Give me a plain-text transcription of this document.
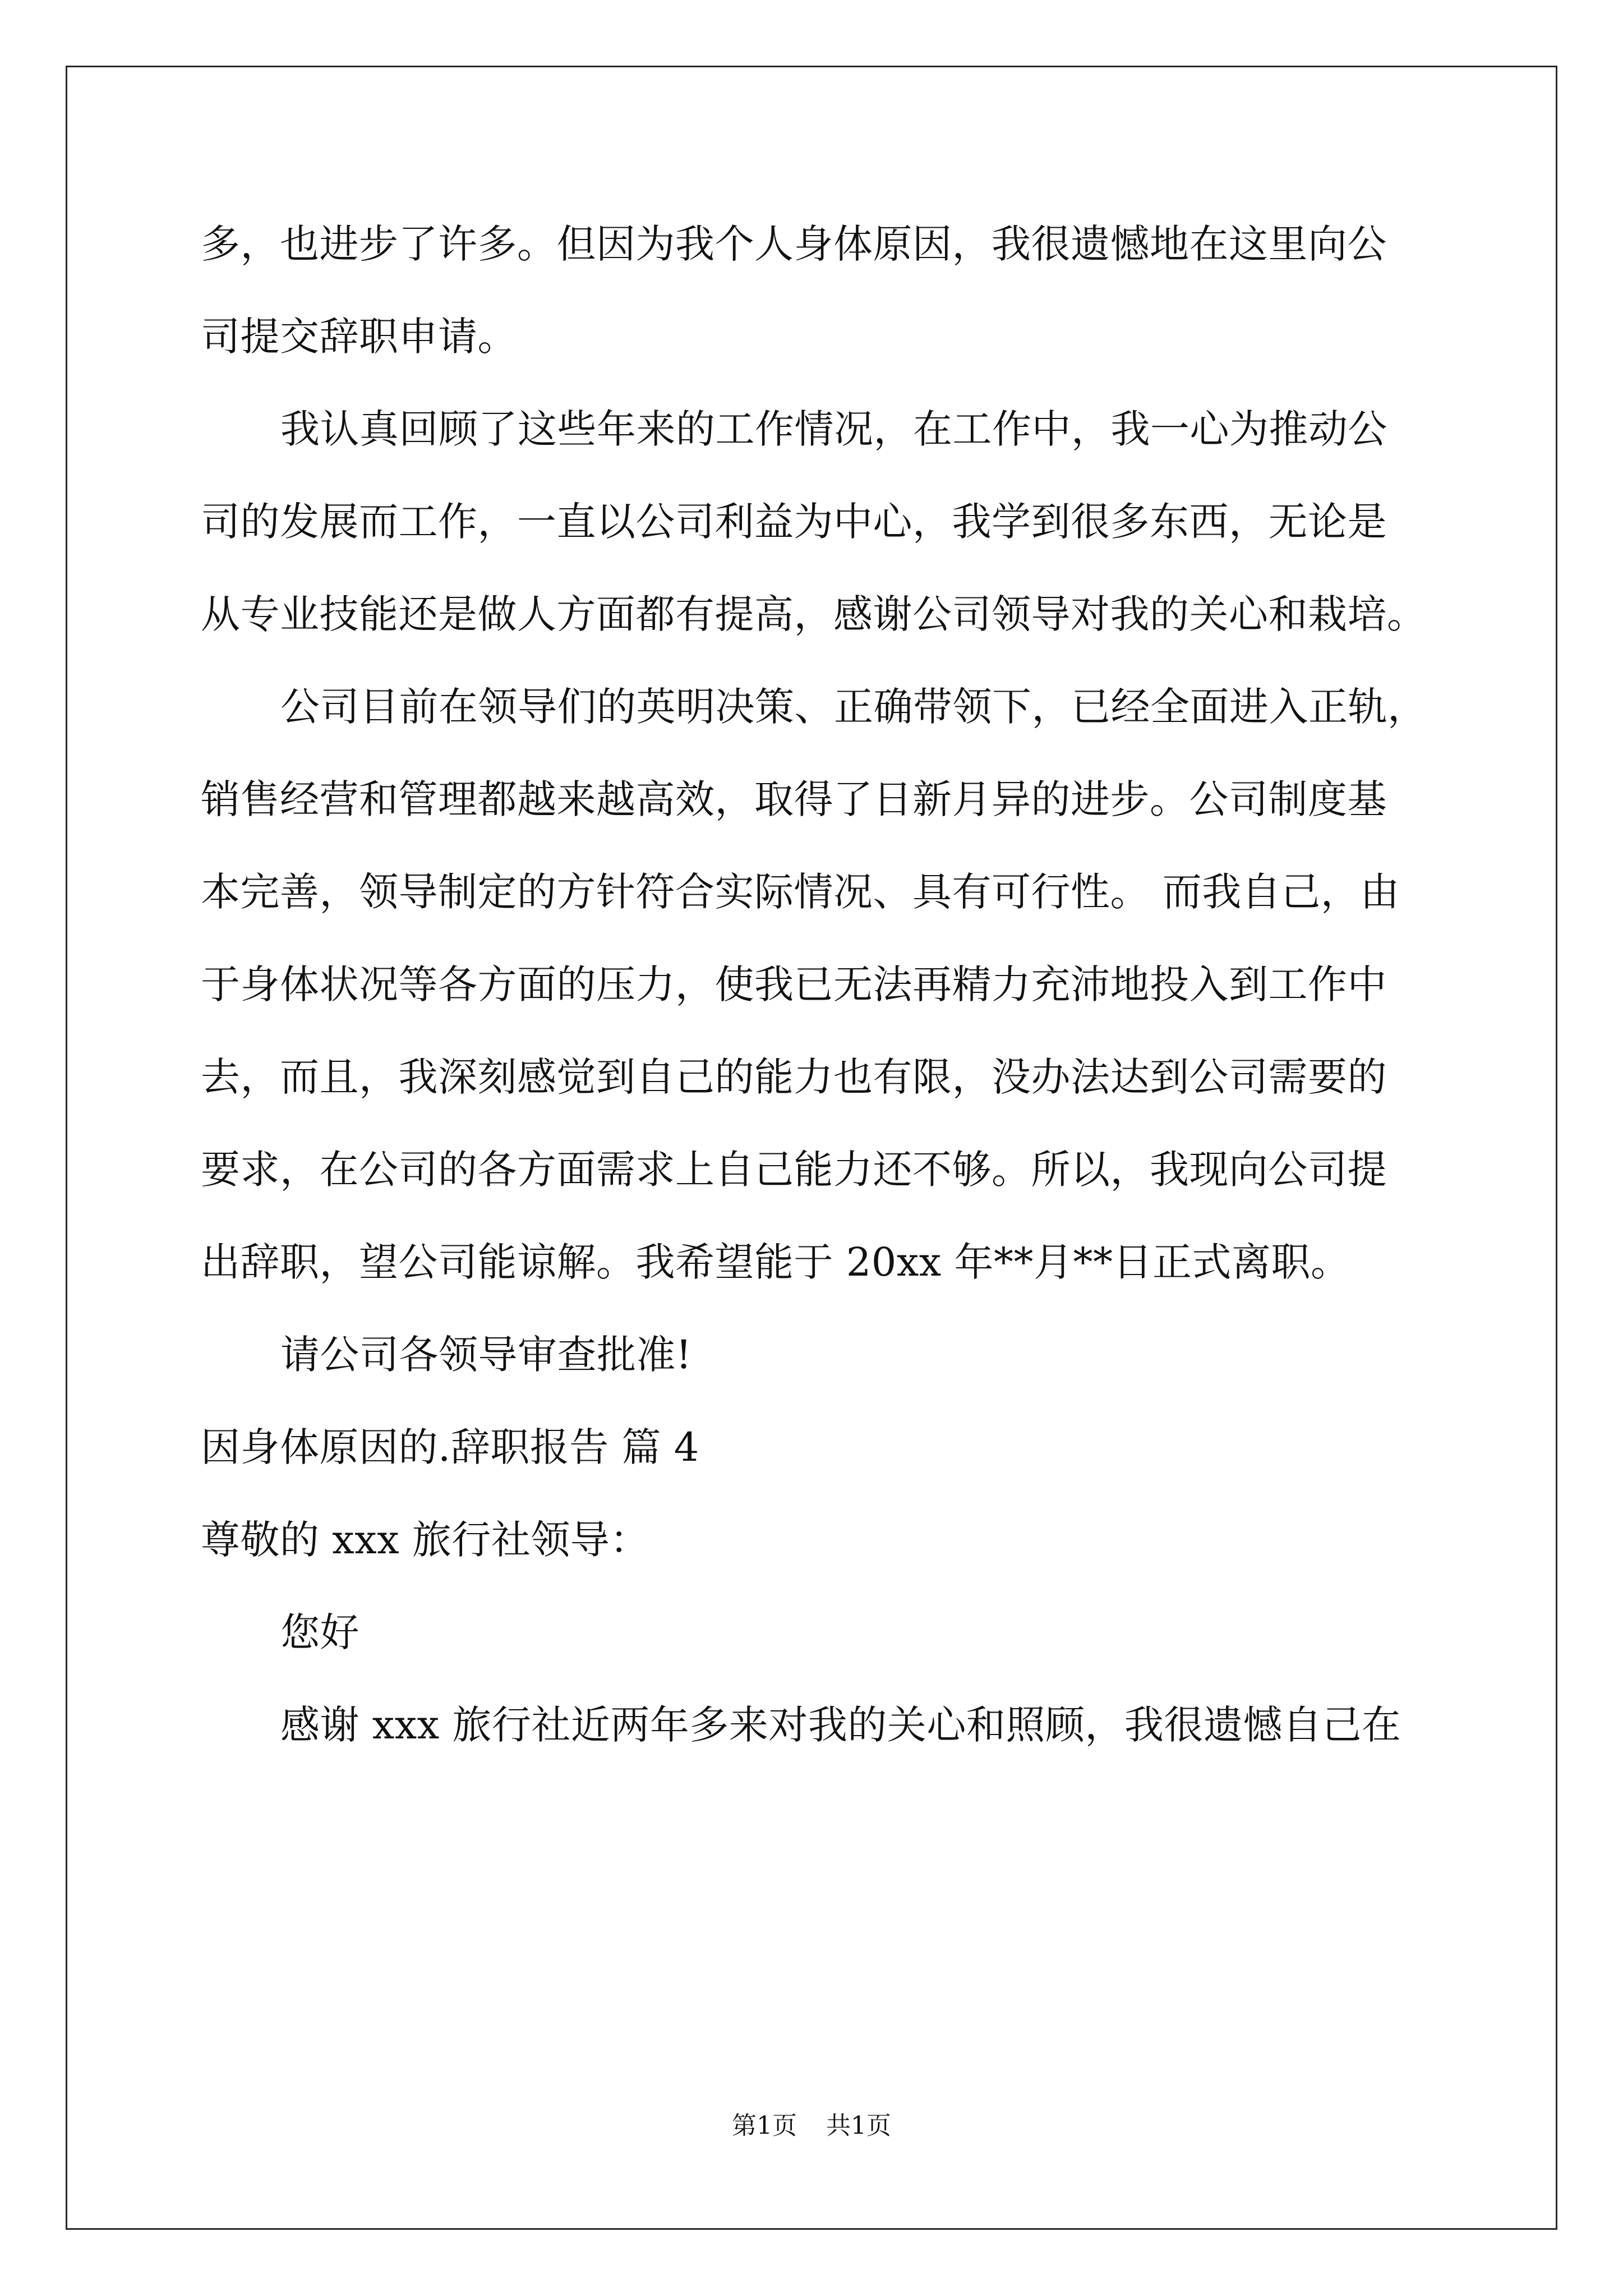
多，也进步了许多。但因为我个人身体原因，我很遗憾地在这里向公
司提交辞职申请。
我认真回顾了这些年来的工作情况，在工作中，我一心为推动公
司的发展而工作，一直以公司利益为中心，我学到很多东西，无论是
从专业技能还是做人方面都有提高，感谢公司领导对我的关心和栽培。
公司目前在领导们的英明决策、正确带领下，已经全面进入正轨，
销售经营和管理都越来越高效，取得了日新月异的进步。公司制度基
本完善，领导制定的方针符合实际情况、具有可行性。 而我自己，由
于身体状况等各方面的压力，使我已无法再精力充沛地投入到工作中
去，而且，我深刻感觉到自己的能力也有限，没办法达到公司需要的
要求，在公司的各方面需求上自己能力还不够。所以，我现向公司提
出辞职，望公司能谅解。我希望能于 20xx 年**月**日正式离职。
请公司各领导审查批准!
因身体原因的.辞职报告 篇 4
尊敬的 xxx 旅行社领导：
您好
感谢 xxx 旅行社近两年多来对我的关心和照顾，我很遗憾自己在
第1页 共1页
